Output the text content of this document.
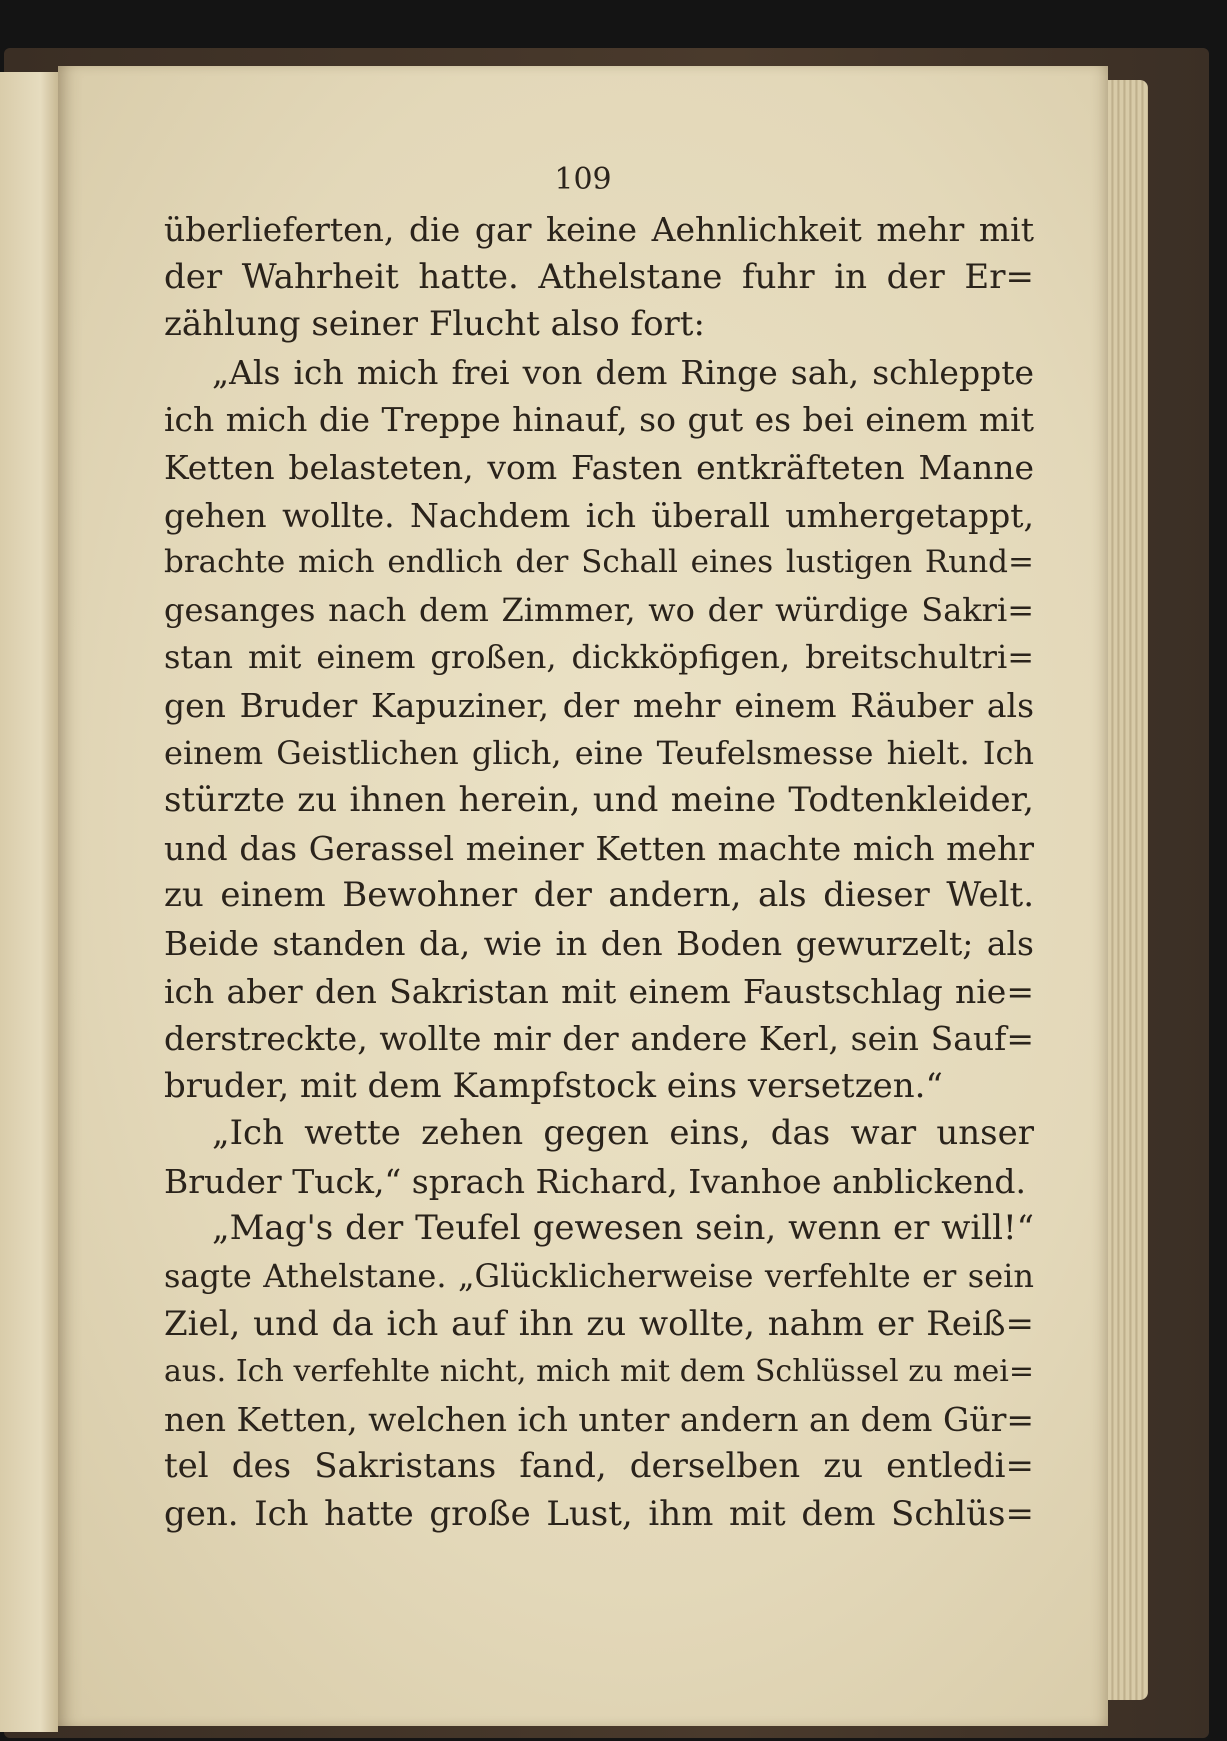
109
überlieferten, die gar keine Aehnlichkeit mehr mit
der Wahrheit hatte. Athelstane fuhr in der Er=
zählung seiner Flucht also fort:
„Als ich mich frei von dem Ringe sah, schleppte
ich mich die Treppe hinauf, so gut es bei einem mit
Ketten belasteten, vom Fasten entkräfteten Manne
gehen wollte. Nachdem ich überall umhergetappt,
brachte mich endlich der Schall eines lustigen Rund=
gesanges nach dem Zimmer, wo der würdige Sakri=
stan mit einem großen, dickköpfigen, breitschultri=
gen Bruder Kapuziner, der mehr einem Räuber als
einem Geistlichen glich, eine Teufelsmesse hielt. Ich
stürzte zu ihnen herein, und meine Todtenkleider,
und das Gerassel meiner Ketten machte mich mehr
zu einem Bewohner der andern, als dieser Welt.
Beide standen da, wie in den Boden gewurzelt; als
ich aber den Sakristan mit einem Faustschlag nie=
derstreckte, wollte mir der andere Kerl, sein Sauf=
bruder, mit dem Kampfstock eins versetzen.“
„Ich wette zehen gegen eins, das war unser
Bruder Tuck,“ sprach Richard, Ivanhoe anblickend.
„Mag's der Teufel gewesen sein, wenn er will!“
sagte Athelstane. „Glücklicherweise verfehlte er sein
Ziel, und da ich auf ihn zu wollte, nahm er Reiß=
aus. Ich verfehlte nicht, mich mit dem Schlüssel zu mei=
nen Ketten, welchen ich unter andern an dem Gür=
tel des Sakristans fand, derselben zu entledi=
gen. Ich hatte große Lust, ihm mit dem Schlüs=
